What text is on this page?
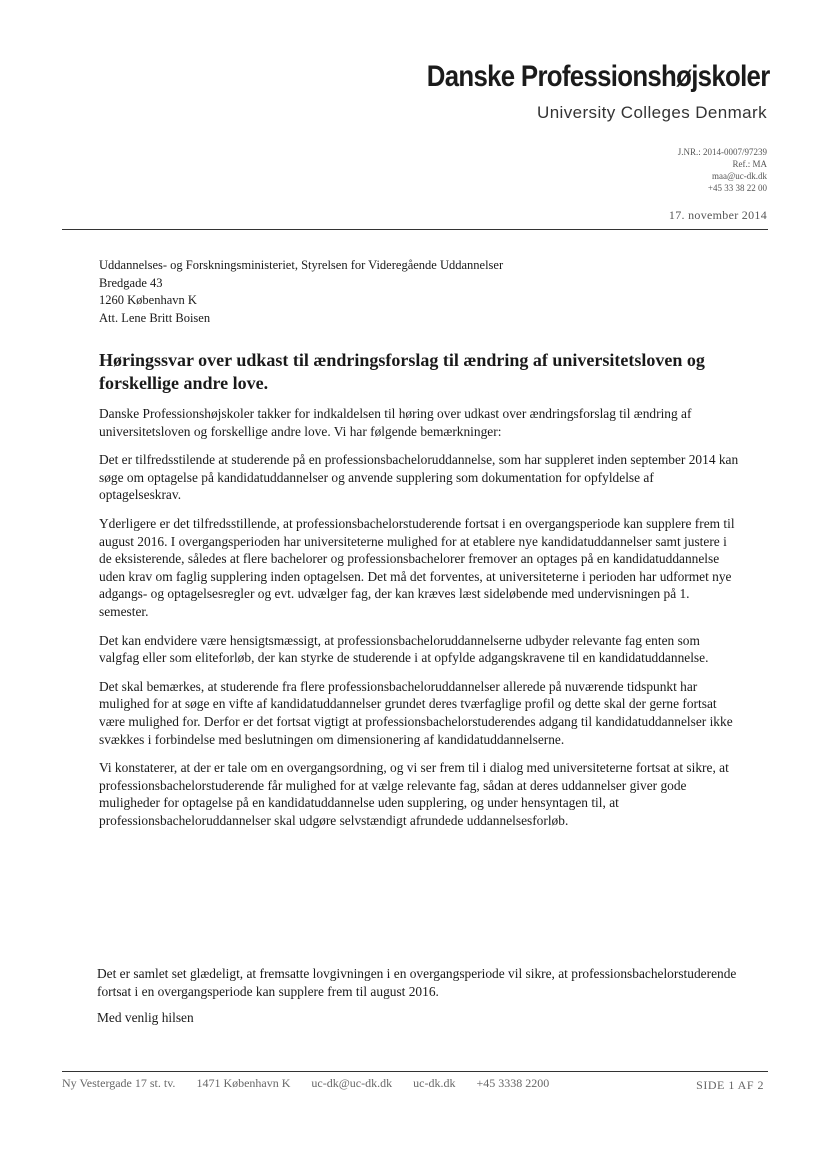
Danske Professionshøjskoler
University Colleges Denmark
J.NR.: 2014-0007/97239
Ref.: MA
maa@uc-dk.dk
+45 33 38 22 00
17. november 2014
Uddannelses- og Forskningsministeriet, Styrelsen for Videregående Uddannelser
Bredgade 43
1260 København K
Att. Lene Britt Boisen
Høringssvar over udkast til ændringsforslag til ændring af universitetsloven og forskellige andre love.

Danske Professionshøjskoler takker for indkaldelsen til høring over udkast over ændringsforslag til ændring af universitetsloven og forskellige andre love. Vi har følgende bemærkninger:

Det er tilfredsstilende at studerende på en professionsbacheloruddannelse, som har suppleret inden september 2014 kan søge om optagelse på kandidatuddannelser og anvende supplering som dokumentation for opfyldelse af optagelseskrav.

Yderligere er det tilfredsstillende, at professionsbachelorstuderende fortsat i en overgangsperiode kan supplere frem til august 2016. I overgangsperioden har universiteterne mulighed for at etablere nye kandidatuddannelser samt justere i de eksisterende, således at flere bachelorer og professionsbachelorer fremover an optages på en kandidatuddannelse uden krav om faglig supplering inden optagelsen. Det må det forventes, at universiteterne i perioden har udformet nye adgangs- og optagelsesregler og evt. udvælger fag, der kan kræves læst sideløbende med undervisningen på 1. semester.

Det kan endvidere være hensigtsmæssigt, at professionsbacheloruddannelserne udbyder relevante fag enten som valgfag eller som eliteforløb, der kan styrke de studerende i at opfylde adgangskravene til en kandidatuddannelse.

Det skal bemærkes, at studerende fra flere professionsbacheloruddannelser allerede på nuværende tidspunkt har mulighed for at søge en vifte af kandidatuddannelser grundet deres tværfaglige profil og dette skal der gerne fortsat være mulighed for. Derfor er det fortsat vigtigt at professionsbachelorstuderendes adgang til kandidatuddannelser ikke svækkes i forbindelse med beslutningen om dimensionering af kandidatuddannelserne.

Vi konstaterer, at der er tale om en overgangsordning, og vi ser frem til i dialog med universiteterne fortsat at sikre, at professionsbachelorstuderende får mulighed for at vælge relevante fag, sådan at deres uddannelser giver gode muligheder for optagelse på en kandidatuddannelse uden supplering, og under hensyntagen til, at professionsbacheloruddannelser skal udgøre selvstændigt afrundede uddannelsesforløb.

Det er samlet set glædeligt, at fremsatte lovgivningen i en overgangsperiode vil sikre, at professionsbachelorstuderende fortsat i en overgangsperiode kan supplere frem til august 2016.

Med venlig hilsen

Ny Vestergade 17 st. tv. 1471 København K uc-dk@uc-dk.dk uc-dk.dk +45 3338 2200	SIDE 1 AF 2
